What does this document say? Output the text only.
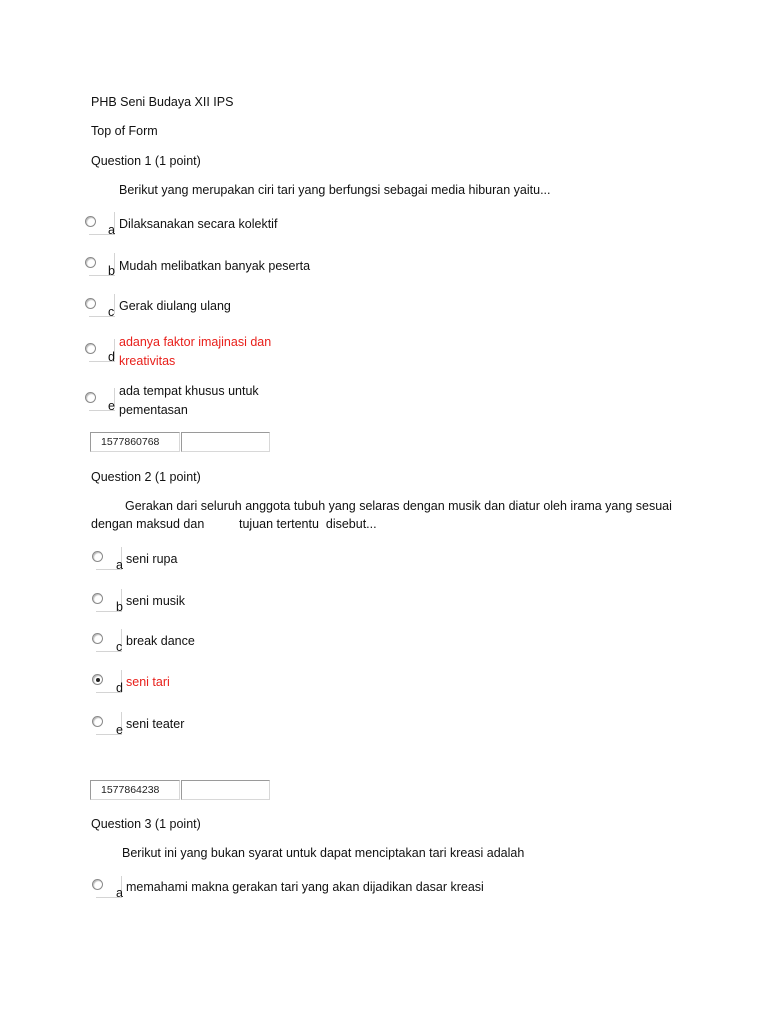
PHB Seni Budaya XII IPS
Top of Form
Question 1 (1 point)
Berikut yang merupakan ciri tari yang berfungsi sebagai media hiburan yaitu...
a Dilaksanakan secara kolektif
b Mudah melibatkan banyak peserta
c Gerak diulang ulang
d
adanya faktor imajinasi dan kreativitas
e
ada tempat khusus untuk pementasan
1577860768
Question 2 (1 point)
Gerakan dari seluruh anggota tubuh yang selaras dengan musik dan diatur oleh irama yang sesuai
dengan maksud dan          tujuan tertentu  disebut...
a seni rupa
b seni musik
c break dance
d seni tari
e seni teater
1577864238
Question 3 (1 point)
Berikut ini yang bukan syarat untuk dapat menciptakan tari kreasi adalah
a memahami makna gerakan tari yang akan dijadikan dasar kreasi
